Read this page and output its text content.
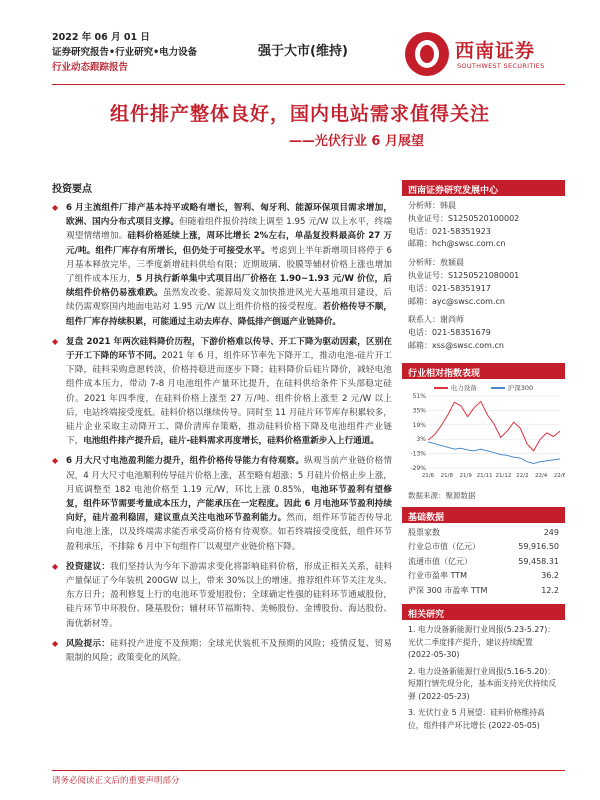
2022 年 06 月 01 日
证券研究报告•行业研究•电力设备
行业动态跟踪报告
强于大市(维持)	西南证券
SOUTHWEST SECURITIES
组件排产整体良好，国内电站需求值得关注
——光伏行业 6 月展望
投资要点
◆ 6 月主流组件厂排产基本持平或略有增长，智利、匈牙利、能源环保项目需求增加，欧洲、国内分布式项目支撑。但随着组件报价持续上调至 1.95 元/W 以上水平，终端观望情绪增加。硅料价格延续上涨，周环比增长 2%左右，单晶复投料最高价 27 万元/吨。组件厂库存有所增长，但仍处于可接受水平。考虑到上半年新增项目将停于 6 月基本释放完毕，三季度新增硅料供给有限；近期玻璃、胶膜等辅材价格上涨也增加了组件成本压力，5 月执行新单集中式项目出厂价格在 1.90~1.93 元/W 价位，后续组件价格仍易涨难跌。虽然发改委、能源局发文加快推进风光大基地项目建设，后续仍需观察国内地面电站对 1.95 元/W 以上组件价格的接受程度。若价格传导不顺，组件厂库存持续积累，可能通过主动去库存、降低排产倒逼产业链降价。
◆ 复盘 2021 年两次硅料降价历程，下游价格难以传导、开工下降为驱动因素，区别在于开工下降的环节不同。2021 年 6 月，组件环节率先下降开工，推动电池-硅片开工下降，硅料采购意愿转淡，价格持稳进而逐步下降；硅料降价后硅片降价，减轻电池组件成本压力，带动 7-8 月电池组件产量环比提升，在硅料供给条件下头部稳定硅价。2021 年四季度，在硅料价格上涨至 27 万/吨、组件价格上涨至 2 元/W 以上后，电站终端接受度低。硅料价格以继续传导。同时至 11 月硅片环节库存积累较多，硅片企业采取主动降开工、降价清库存策略，推动硅料价格下降及电池组件产业链下，电池组件排产提升后，硅片-硅料需求再度增长，硅料价格重新步入上行通道。
◆ 6 月大尺寸电池盈利能力提升，组件价格传导能力有待观察。纵观当前产业链价格情况，4 月大尺寸电池顺利传导硅片价格上涨，甚至略有超涨；5 月硅片价格止步上涨，月底调整至 182 电池价格至 1.19 元/W，环比上涨 0.85%，电池环节盈利有望修复，组件环节需要考量成本压力，产能承压在一定程度。因此 6 月电池环节盈利持续向好，硅片盈利稳固，建议重点关注电池环节盈利能力。然而，组件环节能否传导北向电池上涨，以及终端需求能否承受高价格有待观察。如若终端接受度低，组件环节盈利承压，不排除 6 月中下旬组件厂以观望产业链价格下降。
◆ 投资建议：我们坚持认为今年下游需求变化将影响硅料价格，形成正相关关系，硅料产量保证了今年装机 200GW 以上，带来 30%以上的增速。推荐组件环节关注龙头、东方日升；盈利修复上行的电池环节爱旭股份；全球确定性强的硅料环节通威股份，硅片环节中环股份、隆基股份；辅材环节福斯特、美畅股份、金博股份、海达股份、海优新材等。
◆ 风险提示：硅料投产进度不及预期；全球光伏装机不及预期的风险；疫情反复、贸易限制的风险；政策变化的风险。
西南证券研究发展中心
分析师：韩晨
执业证号：S1250520100002
电话：021-58351923
邮箱：hch@swsc.com.cn
分析师：敖颖晨
执业证号：S1250521080001
电话：021-58351917
邮箱：ayc@swsc.com.cn
联系人：谢尚师
电话：021-58351679
邮箱：xss@swsc.com.cn
行业相对指数表现
电力设备	沪深300
51%
35%
19%
3%
-13%
-29%
21/6 21/8 21/9 21/11 21/12 22/2 22/4 22/6
数据来源：聚源数据
基础数据
股票家数	249
行业总市值（亿元）	59,916.50
流通市值（亿元）	59,458.31
行业市盈率 TTM	36.2
沪深 300 市盈率 TTM	12.2
相关研究
1. 电力设备新能源行业周报(5.23-5.27)：光伏二季度排产提升，建议持续配置 (2022-05-30)
2. 电力设备新能源行业周报(5.16-5.20)：短期行情先现分化，基本面支持光伏持续反弹 (2022-05-23)
3. 光伏行业 5 月展望：硅料价格维持高位，组件排产环比增长 (2022-05-05)
请务必阅读正文后的重要声明部分
